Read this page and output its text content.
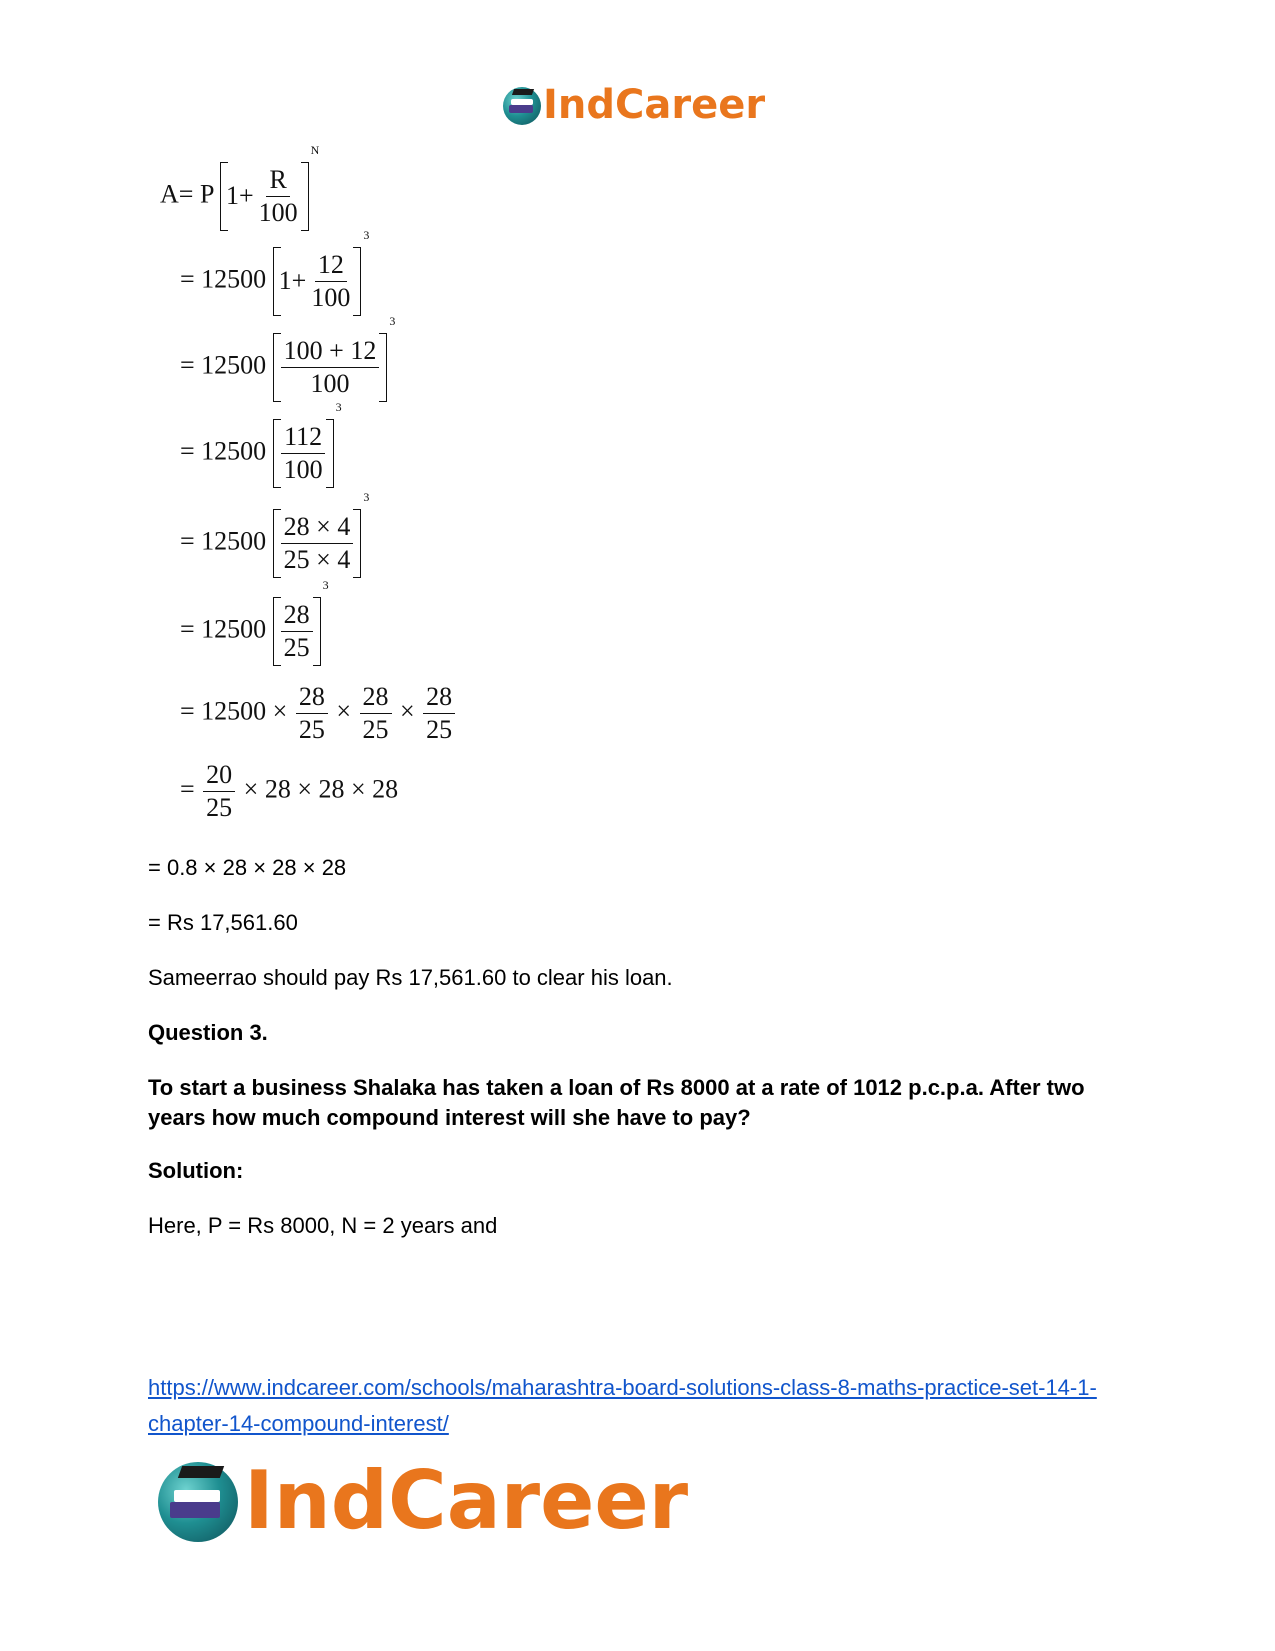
IndCareer
A= P $1+ \frac{R}{100}$
$^N$
= 12500 $1+ \frac{12}{100}$
$^3$
= $12500 \frac{100 + 12}{100}$
$^3$
= $12500 \frac{112}{100}$
$^3$
= $12500 \frac{28 \times 4}{25 \times 4}$
$^3$
= $12500 \frac{28}{25}$
$^3$
= $12500 \times \frac{28}{25} \times \frac{28}{25} \times \frac{28}{25}$
= $\frac{20}{25} \times 28 \times 28 \times 28$
= 0.8 × 28 × 28 × 28
= Rs 17,561.60
Sameerrao should pay Rs 17,561.60 to clear his loan.
Question 3.
To start a business Shalaka has taken a loan of Rs 8000 at a rate of 1012 p.c.p.a. After two years how much compound interest will she have to pay?
Solution:
Here, P = Rs 8000, N = 2 years and
https://www.indcareer.com/schools/maharashtra-board-solutions-class-8-maths-practice-set-14-1-chapter-14-compound-interest/
IndCareer
